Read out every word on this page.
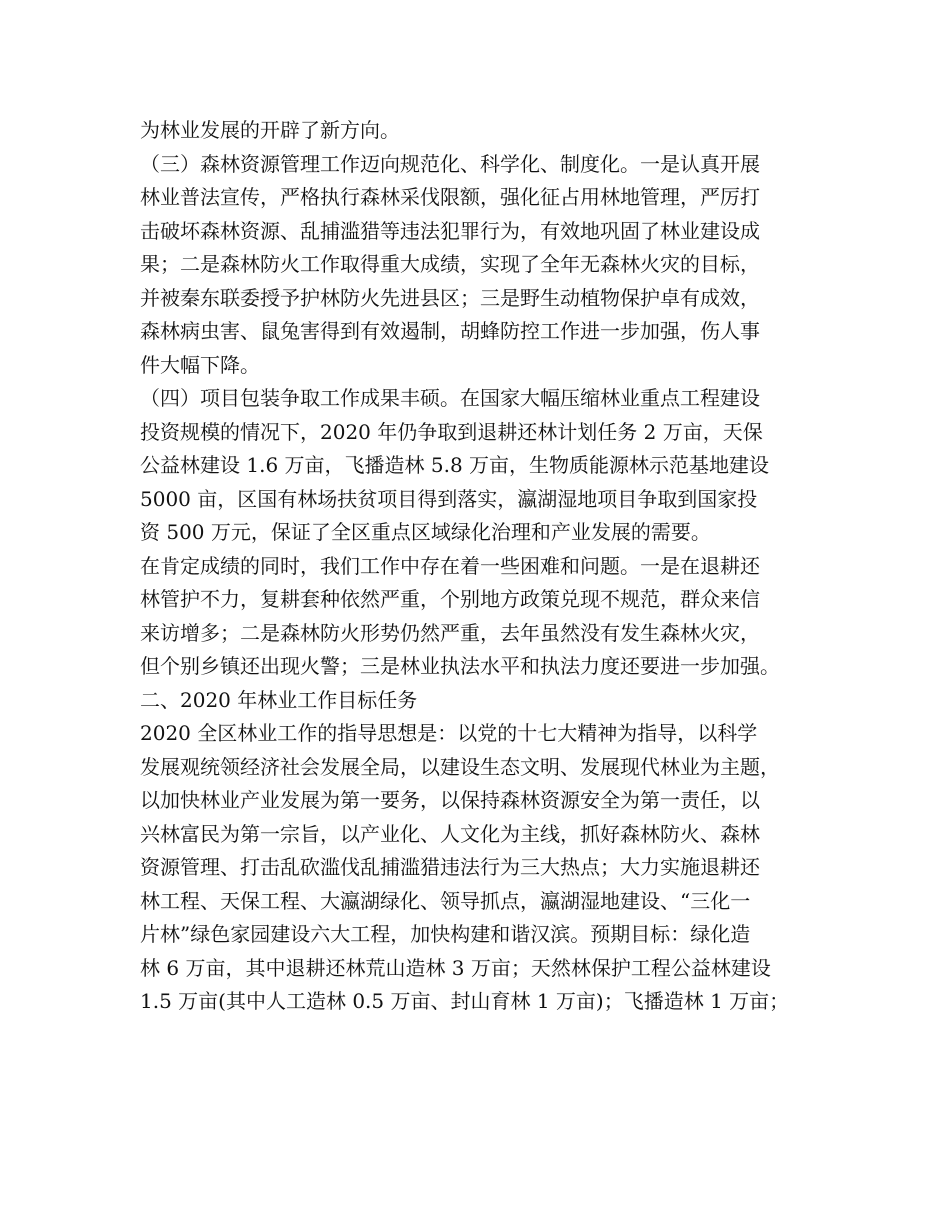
为林业发展的开辟了新方向。
（三）森林资源管理工作迈向规范化、科学化、制度化。一是认真开展
林业普法宣传，严格执行森林采伐限额，强化征占用林地管理，严厉打
击破坏森林资源、乱捕滥猎等违法犯罪行为，有效地巩固了林业建设成
果；二是森林防火工作取得重大成绩，实现了全年无森林火灾的目标，
并被秦东联委授予护林防火先进县区；三是野生动植物保护卓有成效，
森林病虫害、鼠兔害得到有效遏制，胡蜂防控工作进一步加强，伤人事
件大幅下降。
（四）项目包装争取工作成果丰硕。在国家大幅压缩林业重点工程建设
投资规模的情况下，2020 年仍争取到退耕还林计划任务 2 万亩，天保
公益林建设 1.6 万亩，飞播造林 5.8 万亩，生物质能源林示范基地建设
5000 亩，区国有林场扶贫项目得到落实，瀛湖湿地项目争取到国家投
资 500 万元，保证了全区重点区域绿化治理和产业发展的需要。
在肯定成绩的同时，我们工作中存在着一些困难和问题。一是在退耕还
林管护不力，复耕套种依然严重，个别地方政策兑现不规范，群众来信
来访增多；二是森林防火形势仍然严重，去年虽然没有发生森林火灾，
但个别乡镇还出现火警；三是林业执法水平和执法力度还要进一步加强。
二、2020 年林业工作目标任务
2020 全区林业工作的指导思想是：以党的十七大精神为指导，以科学
发展观统领经济社会发展全局，以建设生态文明、发展现代林业为主题，
以加快林业产业发展为第一要务，以保持森林资源安全为第一责任，以
兴林富民为第一宗旨，以产业化、人文化为主线，抓好森林防火、森林
资源管理、打击乱砍滥伐乱捕滥猎违法行为三大热点；大力实施退耕还
林工程、天保工程、大瀛湖绿化、领导抓点，瀛湖湿地建设、“三化一
片林”绿色家园建设六大工程，加快构建和谐汉滨。预期目标：绿化造
林 6 万亩，其中退耕还林荒山造林 3 万亩；天然林保护工程公益林建设
1.5 万亩(其中人工造林 0.5 万亩、封山育林 1 万亩)；飞播造林 1 万亩；
